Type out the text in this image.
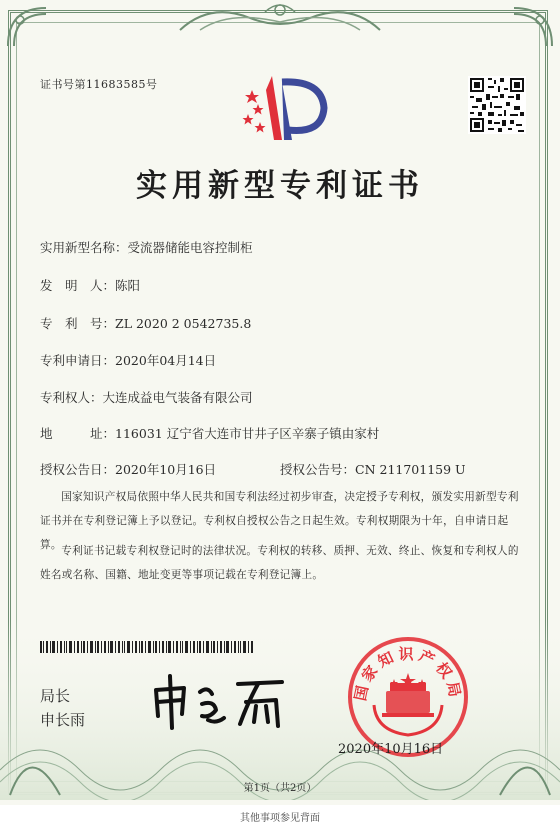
证书号第11683585号
实用新型专利证书
实用新型名称：受流器储能电容控制柜
发　明　人：陈阳
专　利　号：ZL 2020 2 0542735.8
专利申请日：2020年04月14日
专利权人：大连成益电气装备有限公司
地　　　址：116031 辽宁省大连市甘井子区辛寨子镇由家村
授权公告日：2020年10月16日	授权公告号：CN 211701159 U
国家知识产权局依照中华人民共和国专利法经过初步审查，决定授予专利权，颁发实用新型专利证书并在专利登记簿上予以登记。专利权自授权公告之日起生效。专利权期限为十年，自申请日起算。 专利证书记载专利权登记时的法律状况。专利权的转移、质押、无效、终止、恢复和专利权人的姓名或名称、国籍、地址变更等事项记载在专利登记簿上。
局长
申长雨
国家知识产权局
2020年10月16日
第1页（共2页）
其他事项参见背面
